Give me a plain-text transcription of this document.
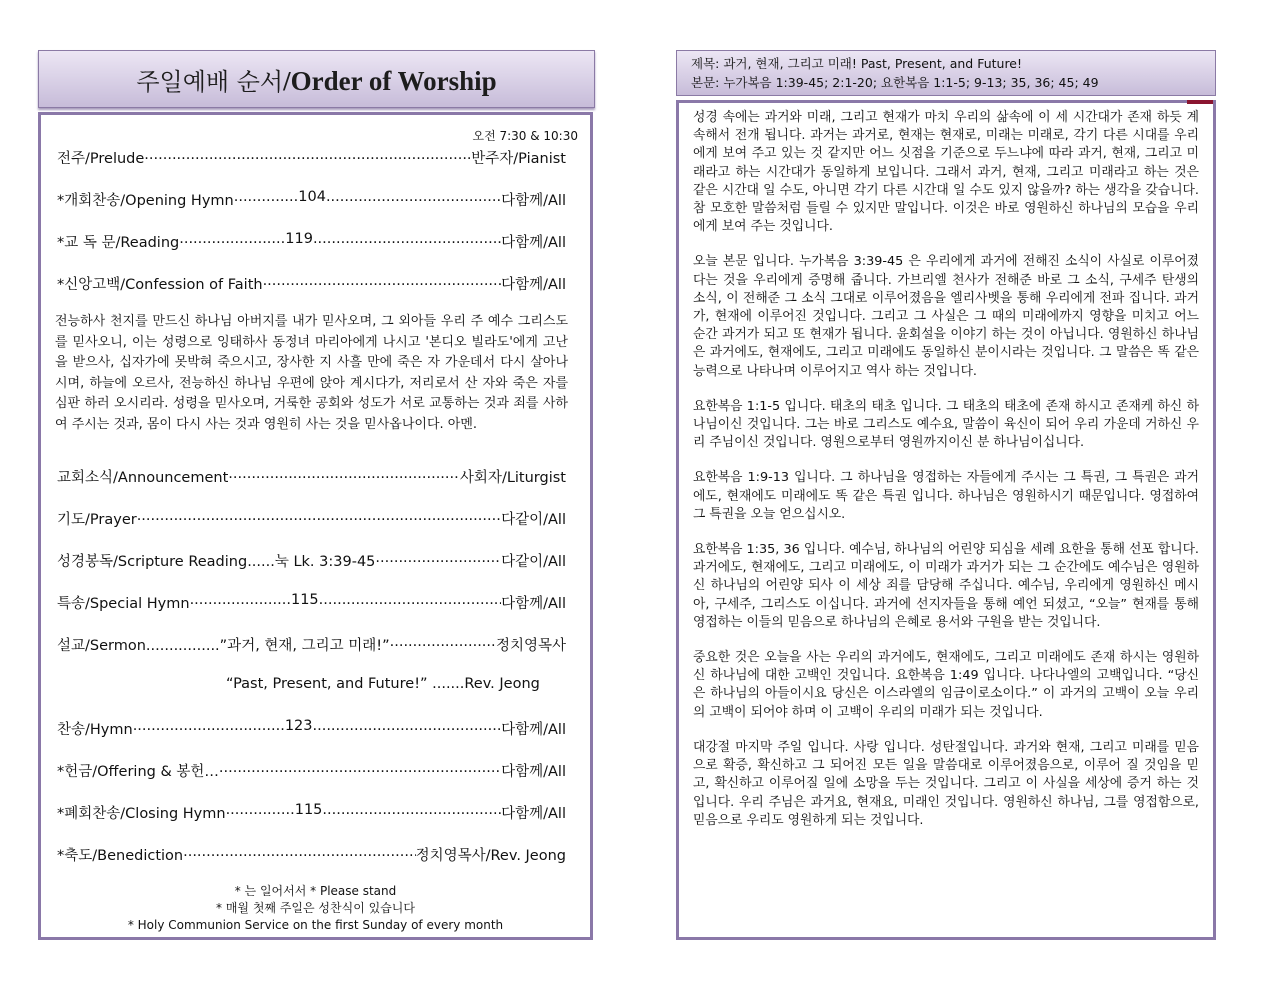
주일예배 순서/Order of Worship
오전 7:30 & 10:30
전주/Prelude .....	반주자/Pianist
*개회찬송/Opening Hymn .............. 104 .....	다함께/All
*교 독 문/Reading ....................... 119 .....	다함께/All
*신앙고백/Confession of Faith .....	다함께/All
전능하사 천지를 만드신 하나님 아버지를 내가 믿사오며, 그 외아들 우리 주 예수 그리스도를 믿사오니, 이는 성령으로 잉태하사 동정녀 마리아에게 나시고 '본디오 빌라도'에게 고난을 받으사, 십자가에 못박혀 죽으시고, 장사한 지 사흘 만에 죽은 자 가운데서 다시 살아나시며, 하늘에 오르사, 전능하신 하나님 우편에 앉아 계시다가, 저리로서 산 자와 죽은 자를 심판 하러 오시리라. 성령을 믿사오며, 거룩한 공회와 성도가 서로 교통하는 것과 죄를 사하여 주시는 것과, 몸이 다시 사는 것과 영원히 사는 것을 믿사옵나이다. 아멘.
교회소식/Announcement .....	사회자/Liturgist
기도/Prayer .....	다같이/All
성경봉독/Scripture Reading......눅 Lk. 3:39-45 .....	다같이/All
특송/Special Hymn ...................... 115 .....	다함께/All
설교/Sermon................ ”과거, 현재, 그리고 미래!” .....	정치영목사
“Past, Present, and Future!” .......Rev. Jeong
찬송/Hymn ................................. 123 .....	다함께/All
*헌금/Offering & 봉헌… .....	다함께/All
*폐회찬송/Closing Hymn ............... 115 .....	다함께/All
*축도/Benediction .....	정치영목사/Rev. Jeong
* 는 일어서서 * Please stand
* 매월 첫째 주일은 성찬식이 있습니다
* Holy Communion Service on the first Sunday of every month
제목: 과거, 현재, 그리고 미래! Past, Present, and Future!
본문: 누가복음 1:39-45; 2:1-20; 요한복음 1:1-5; 9-13; 35, 36; 45; 49

성경 속에는 과거와 미래, 그리고 현재가 마치 우리의 삶속에 이 세 시간대가 존재 하듯 계속해서 전개 됩니다. 과거는 과거로, 현재는 현재로, 미래는 미래로, 각기 다른 시대를 우리에게 보여 주고 있는 것 같지만 어느 싯점을 기준으로 두느냐에 따라 과거, 현재, 그리고 미래라고 하는 시간대가 동일하게 보입니다. 그래서 과거, 현재, 그리고 미래라고 하는 것은 같은 시간대 일 수도, 아니면 각기 다른 시간대 일 수도 있지 않을까? 하는 생각을 갖습니다. 참 모호한 말씀처럼 들릴 수 있지만 말입니다. 이것은 바로 영원하신 하나님의 모습을 우리에게 보여 주는 것입니다.

오늘 본문 입니다. 누가복음 3:39-45 은 우리에게 과거에 전해진 소식이 사실로 이루어졌다는 것을 우리에게 증명해 줍니다. 가브리엘 천사가 전해준 바로 그 소식, 구세주 탄생의 소식, 이 전해준 그 소식 그대로 이루어졌음을 엘리사벳을 통해 우리에게 전파 집니다. 과거가, 현재에 이루어진 것입니다. 그리고 그 사실은 그 때의 미래에까지 영향을 미치고 어느 순간 과거가 되고 또 현재가 됩니다. 윤회설을 이야기 하는 것이 아닙니다. 영원하신 하나님은 과거에도, 현재에도, 그리고 미래에도 동일하신 분이시라는 것입니다. 그 말씀은 똑 같은 능력으로 나타나며 이루어지고 역사 하는 것입니다.

요한복음 1:1-5 입니다. 태초의 태초 입니다. 그 태초의 태초에 존재 하시고 존재케 하신 하나님이신 것입니다. 그는 바로 그리스도 예수요, 말씀이 육신이 되어 우리 가운데 거하신 우리 주님이신 것입니다. 영원으로부터 영원까지이신 분 하나님이십니다.

요한복음 1:9-13 입니다. 그 하나님을 영접하는 자들에게 주시는 그 특권, 그 특권은 과거에도, 현재에도 미래에도 똑 같은 특권 입니다. 하나님은 영원하시기 때문입니다. 영접하여 그 특권을 오늘 얻으십시오.

요한복음 1:35, 36 입니다. 예수님, 하나님의 어린양 되심을 세례 요한을 통해 선포 합니다. 과거에도, 현재에도, 그리고 미래에도, 이 미래가 과거가 되는 그 순간에도 예수님은 영원하신 하나님의 어린양 되사 이 세상 죄를 담당해 주십니다. 예수님, 우리에게 영원하신 메시아, 구세주, 그리스도 이십니다. 과거에 선지자들을 통해 예언 되셨고, “오늘” 현재를 통해 영접하는 이들의 믿음으로 하나님의 은혜로 용서와 구원을 받는 것입니다.

중요한 것은 오늘을 사는 우리의 과거에도, 현재에도, 그리고 미래에도 존재 하시는 영원하신 하나님에 대한 고백인 것입니다. 요한복음 1:49 입니다. 나다나엘의 고백입니다. “당신은 하나님의 아들이시요 당신은 이스라엘의 임금이로소이다.” 이 과거의 고백이 오늘 우리의 고백이 되어야 하며 이 고백이 우리의 미래가 되는 것입니다.

대강절 마지막 주일 입니다. 사랑 입니다. 성탄절입니다. 과거와 현재, 그리고 미래를 믿음으로 확증, 확신하고 그 되어진 모든 일을 말씀대로 이루어졌음으로, 이루어 질 것임을 믿고, 확신하고 이루어질 일에 소망을 두는 것입니다. 그리고 이 사실을 세상에 증거 하는 것입니다. 우리 주님은 과거요, 현재요, 미래인 것입니다. 영원하신 하나님, 그를 영접함으로, 믿음으로 우리도 영원하게 되는 것입니다.
